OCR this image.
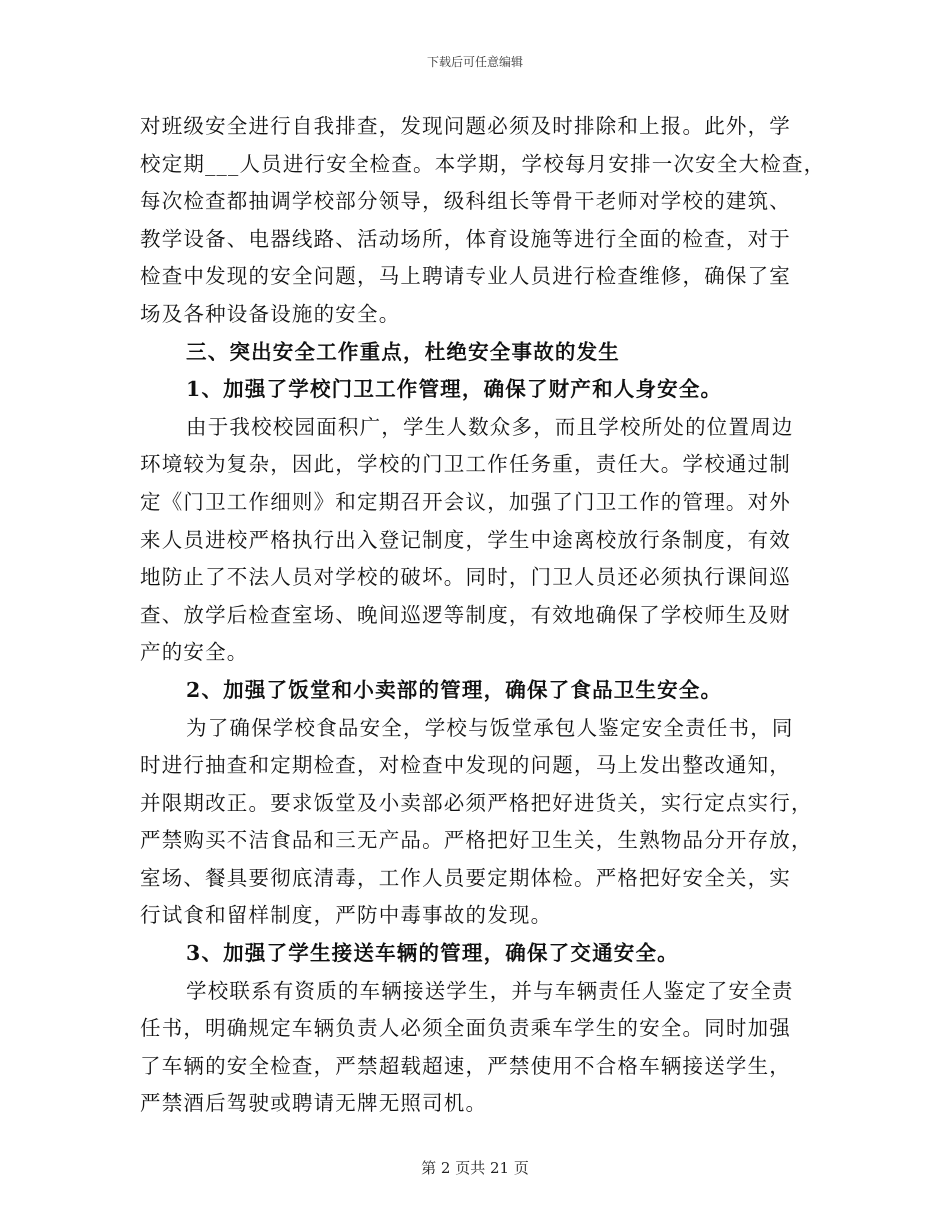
下载后可任意编辑
对班级安全进行自我排查，发现问题必须及时排除和上报。此外，学
校定期___人员进行安全检查。本学期，学校每月安排一次安全大检查，
每次检查都抽调学校部分领导，级科组长等骨干老师对学校的建筑、
教学设备、电器线路、活动场所，体育设施等进行全面的检查，对于
检查中发现的安全问题，马上聘请专业人员进行检查维修，确保了室
场及各种设备设施的安全。
三、突出安全工作重点，杜绝安全事故的发生
1、加强了学校门卫工作管理，确保了财产和人身安全。
由于我校校园面积广，学生人数众多，而且学校所处的位置周边
环境较为复杂，因此，学校的门卫工作任务重，责任大。学校通过制
定《门卫工作细则》和定期召开会议，加强了门卫工作的管理。对外
来人员进校严格执行出入登记制度，学生中途离校放行条制度，有效
地防止了不法人员对学校的破坏。同时，门卫人员还必须执行课间巡
查、放学后检查室场、晚间巡逻等制度，有效地确保了学校师生及财
产的安全。
2、加强了饭堂和小卖部的管理，确保了食品卫生安全。
为了确保学校食品安全，学校与饭堂承包人鉴定安全责任书，同
时进行抽查和定期检查，对检查中发现的问题，马上发出整改通知，
并限期改正。要求饭堂及小卖部必须严格把好进货关，实行定点实行，
严禁购买不洁食品和三无产品。严格把好卫生关，生熟物品分开存放，
室场、餐具要彻底清毒，工作人员要定期体检。严格把好安全关，实
行试食和留样制度，严防中毒事故的发现。
3、加强了学生接送车辆的管理，确保了交通安全。
学校联系有资质的车辆接送学生，并与车辆责任人鉴定了安全责
任书，明确规定车辆负责人必须全面负责乘车学生的安全。同时加强
了车辆的安全检查，严禁超载超速，严禁使用不合格车辆接送学生，
严禁酒后驾驶或聘请无牌无照司机。
第 2 页共 21 页
